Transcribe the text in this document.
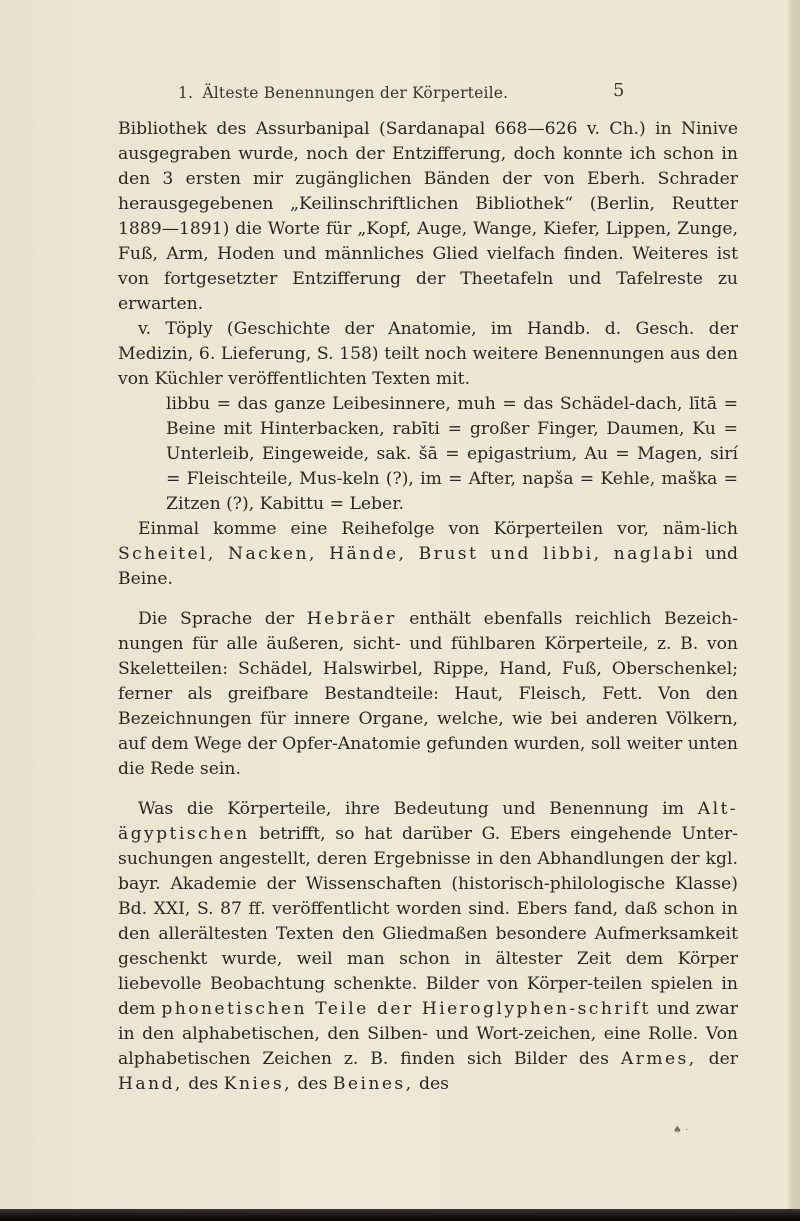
1. Älteste Benennungen der Körperteile.	5

Bibliothek des Assurbanipal (Sardanapal 668—626 v. Ch.) in Ninive ausgegraben wurde, noch der Entzifferung, doch konnte ich schon in den 3 ersten mir zugänglichen Bänden der von Eberh. Schrader herausgegebenen „Keilinschriftlichen Bibliothek“ (Berlin, Reutter 1889—1891) die Worte für „Kopf, Auge, Wange, Kiefer, Lippen, Zunge, Fuß, Arm, Hoden und männliches Glied vielfach finden. Weiteres ist von fortgesetzter Entzifferung der Theetafeln und Tafelreste zu erwarten.

v. Töply (Geschichte der Anatomie, im Handb. d. Gesch. der Medizin, 6. Lieferung, S. 158) teilt noch weitere Benennungen aus den von Küchler veröffentlichten Texten mit.

libbu = das ganze Leibesinnere, muh = das Schädel-dach, lītā = Beine mit Hinterbacken, rabīti = großer Finger, Daumen, Ku = Unterleib, Eingeweide, sak. šā = epigastrium, Au = Magen, sirí = Fleischteile, Mus-keln (?), im = After, napša = Kehle, maška = Zitzen (?), Kabittu = Leber.

Einmal komme eine Reihefolge von Körperteilen vor, näm-lich Scheitel, Nacken, Hände, Brust und libbi, naglabi und Beine.

Die Sprache der Hebräer enthält ebenfalls reichlich Bezeich-nungen für alle äußeren, sicht- und fühlbaren Körperteile, z. B. von Skeletteilen: Schädel, Halswirbel, Rippe, Hand, Fuß, Oberschenkel; ferner als greifbare Bestandteile: Haut, Fleisch, Fett. Von den Bezeichnungen für innere Organe, welche, wie bei anderen Völkern, auf dem Wege der Opfer-Anatomie gefunden wurden, soll weiter unten die Rede sein.

Was die Körperteile, ihre Bedeutung und Benennung im Alt-ägyptischen betrifft, so hat darüber G. Ebers eingehende Unter-suchungen angestellt, deren Ergebnisse in den Abhandlungen der kgl. bayr. Akademie der Wissenschaften (historisch-philologische Klasse) Bd. XXI, S. 87 ff. veröffentlicht worden sind. Ebers fand, daß schon in den allerältesten Texten den Gliedmaßen besondere Aufmerksamkeit geschenkt wurde, weil man schon in ältester Zeit dem Körper liebevolle Beobachtung schenkte. Bilder von Körper-teilen spielen in dem phonetischen Teile der Hieroglyphen-schrift und zwar in den alphabetischen, den Silben- und Wort-zeichen, eine Rolle. Von alphabetischen Zeichen z. B. finden sich Bilder des Armes, der Hand, des Knies, des Beines, des

♠ ·
